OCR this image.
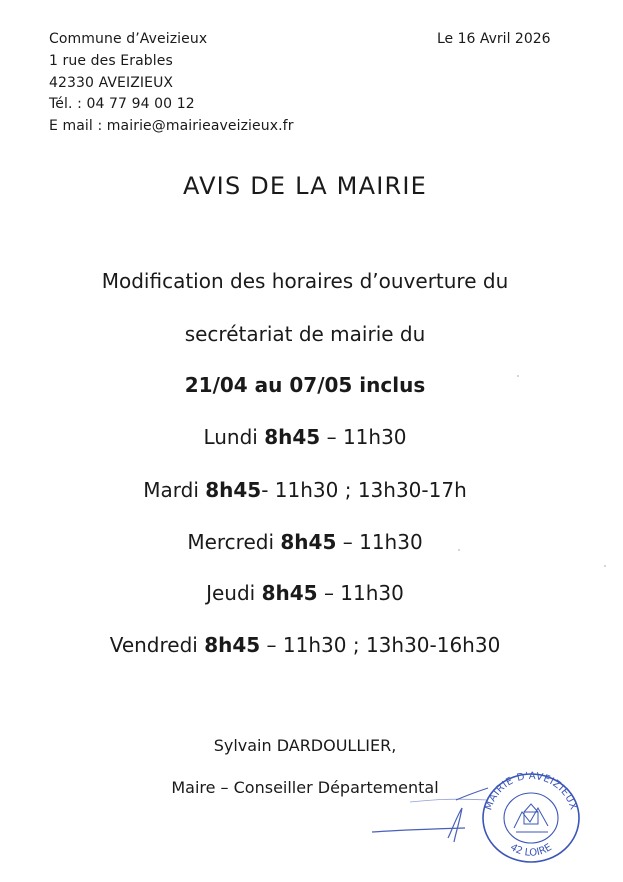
Commune d’Aveizieux
1 rue des Erables
42330 AVEIZIEUX
Tél. : 04 77 94 00 12
E mail : mairie@mairieaveizieux.fr
Le 16 Avril 2026
AVIS DE LA MAIRIE
Modification des horaires d’ouverture du
secrétariat de mairie du
21/04 au 07/05 inclus
Lundi 8h45 – 11h30
Mardi 8h45- 11h30 ; 13h30-17h
Mercredi 8h45 – 11h30
Jeudi 8h45 – 11h30
Vendredi 8h45 – 11h30 ; 13h30-16h30
Sylvain DARDOULLIER,
Maire – Conseiller Départemental
MAIRIE D'AVEIZIEUX
42 LOIRE
